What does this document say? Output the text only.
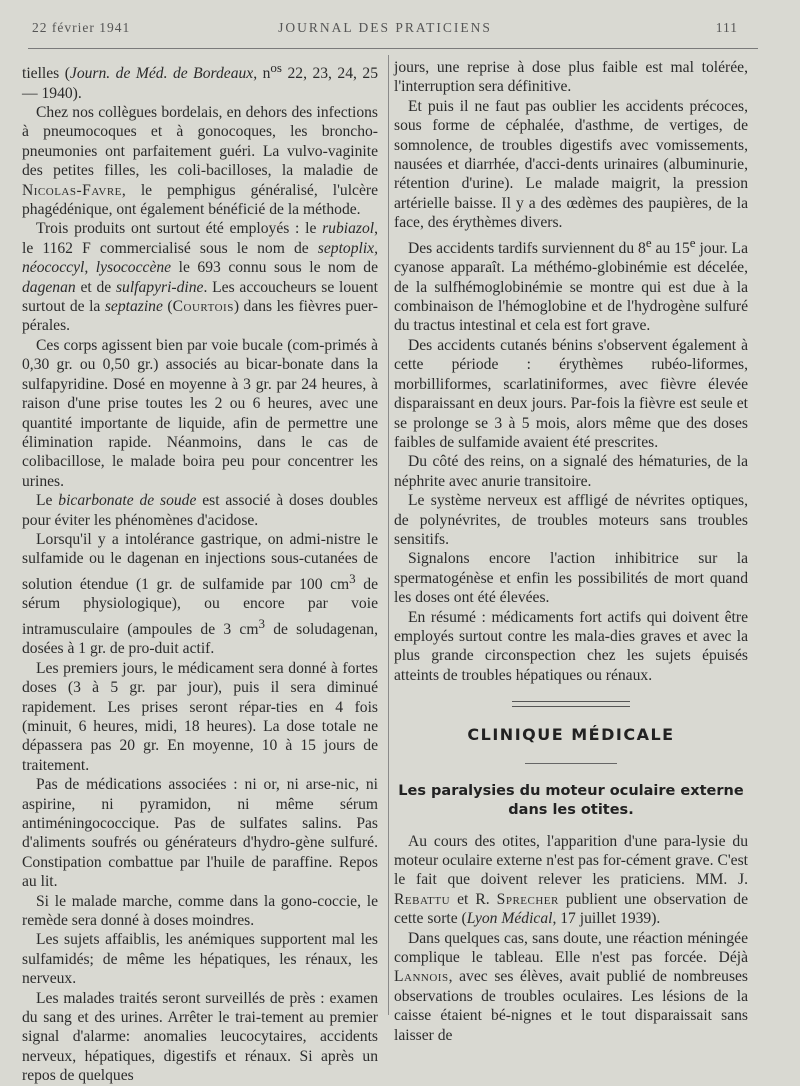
22 février 1941	JOURNAL DES PRATICIENS	111

tielles (Journ. de Méd. de Bordeaux, $n^{os}$ 22, 23, 24, 25 — 1940).

Chez nos collègues bordelais, en dehors des infections à pneumocoques et à gonocoques, les broncho-pneumonies ont parfaitement guéri. La vulvo-vaginite des petites filles, les coli-bacilloses, la maladie de Nicolas-Favre, le pemphigus généralisé, l'ulcère phagédénique, ont également bénéficié de la méthode.

Trois produits ont surtout été employés : le rubiazol, le 1162 F commercialisé sous le nom de septoplix, néococcyl, lysococcène le 693 connu sous le nom de dagenan et de sulfapyri-dine. Les accoucheurs se louent surtout de la septazine (Courtois) dans les fièvres puer-pérales.

Ces corps agissent bien par voie bucale (com-primés à 0,30 gr. ou 0,50 gr.) associés au bicar-bonate dans la sulfapyridine. Dosé en moyenne à 3 gr. par 24 heures, à raison d'une prise toutes les 2 ou 6 heures, avec une quantité importante de liquide, afin de permettre une élimination rapide. Néanmoins, dans le cas de colibacillose, le malade boira peu pour concentrer les urines.

Le bicarbonate de soude est associé à doses doubles pour éviter les phénomènes d'acidose.

Lorsqu'il y a intolérance gastrique, on admi-nistre le sulfamide ou le dagenan en injections sous-cutanées de solution étendue (1 gr. de sulfamide par 100 $cm^3$ de sérum physiologique), ou encore par voie intramusculaire (ampoules de 3 $cm^3$ de soludagenan, dosées à 1 gr. de pro-duit actif.

Les premiers jours, le médicament sera donné à fortes doses (3 à 5 gr. par jour), puis il sera diminué rapidement. Les prises seront répar-ties en 4 fois (minuit, 6 heures, midi, 18 heures). La dose totale ne dépassera pas 20 gr. En moyenne, 10 à 15 jours de traitement.

Pas de médications associées : ni or, ni arse-nic, ni aspirine, ni pyramidon, ni même sérum antiméningococcique. Pas de sulfates salins. Pas d'aliments soufrés ou générateurs d'hydro-gène sulfuré. Constipation combattue par l'huile de paraffine. Repos au lit.

Si le malade marche, comme dans la gono-coccie, le remède sera donné à doses moindres.

Les sujets affaiblis, les anémiques supportent mal les sulfamidés; de même les hépatiques, les rénaux, les nerveux.

Les malades traités seront surveillés de près : examen du sang et des urines. Arrêter le trai-tement au premier signal d'alarme: anomalies leucocytaires, accidents nerveux, hépatiques, digestifs et rénaux. Si après un repos de quelques

jours, une reprise à dose plus faible est mal tolérée, l'interruption sera définitive.

Et puis il ne faut pas oublier les accidents précoces, sous forme de céphalée, d'asthme, de vertiges, de somnolence, de troubles digestifs avec vomissements, nausées et diarrhée, d'acci-dents urinaires (albuminurie, rétention d'urine). Le malade maigrit, la pression artérielle baisse. Il y a des œdèmes des paupières, de la face, des érythèmes divers.

Des accidents tardifs surviennent du 8e au 15e jour. La cyanose apparaît. La méthémo-globinémie est décelée, de la sulfhémoglobinémie se montre qui est due à la combinaison de l'hémoglobine et de l'hydrogène sulfuré du tractus intestinal et cela est fort grave.

Des accidents cutanés bénins s'observent également à cette période : érythèmes rubéo-liformes, morbilliformes, scarlatiniformes, avec fièvre élevée disparaissant en deux jours. Par-fois la fièvre est seule et se prolonge se 3 à 5 mois, alors même que des doses faibles de sulfamide avaient été prescrites.

Du côté des reins, on a signalé des hématuries, de la néphrite avec anurie transitoire.

Le système nerveux est affligé de névrites optiques, de polynévrites, de troubles moteurs sans troubles sensitifs.

Signalons encore l'action inhibitrice sur la spermatogénèse et enfin les possibilités de mort quand les doses ont été élevées.

En résumé : médicaments fort actifs qui doivent être employés surtout contre les mala-dies graves et avec la plus grande circonspection chez les sujets épuisés atteints de troubles hépatiques ou rénaux.

CLINIQUE MÉDICALE
Les paralysies du moteur oculaire externe dans les otites.

Au cours des otites, l'apparition d'une para-lysie du moteur oculaire externe n'est pas for-cément grave. C'est le fait que doivent relever les praticiens. MM. J. Rebattu et R. Sprecher publient une observation de cette sorte (Lyon Médical, 17 juillet 1939).

Dans quelques cas, sans doute, une réaction méningée complique le tableau. Elle n'est pas forcée. Déjà Lannois, avec ses élèves, avait publié de nombreuses observations de troubles oculaires. Les lésions de la caisse étaient bé-nignes et le tout disparaissait sans laisser de
